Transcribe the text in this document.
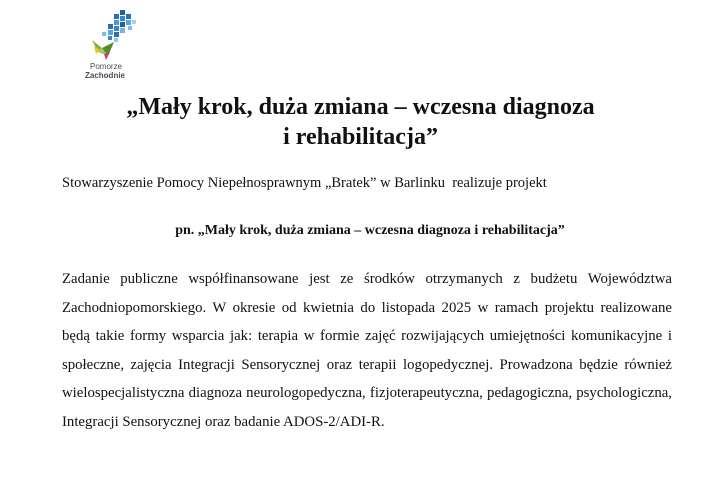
Pomorze
Zachodnie
„Mały krok, duża zmiana – wczesna diagnoza
i rehabilitacja”

Stowarzyszenie Pomocy Niepełnosprawnym „Bratek” w Barlinku  realizuje projekt

pn. „Mały krok, duża zmiana – wczesna diagnoza i rehabilitacja”

Zadanie publiczne współfinansowane jest ze środków otrzymanych z budżetu Województwa Zachodniopomorskiego. W okresie od kwietnia do listopada 2025 w ramach projektu realizowane będą takie formy wsparcia jak: terapia w formie zajęć rozwijających umiejętności komunikacyjne i społeczne, zajęcia Integracji Sensorycznej oraz terapii logopedycznej. Prowadzona będzie również wielospecjalistyczna diagnoza neurologopedyczna, fizjoterapeutyczna, pedagogiczna, psychologiczna, Integracji Sensorycznej oraz badanie ADOS-2/ADI-R.
